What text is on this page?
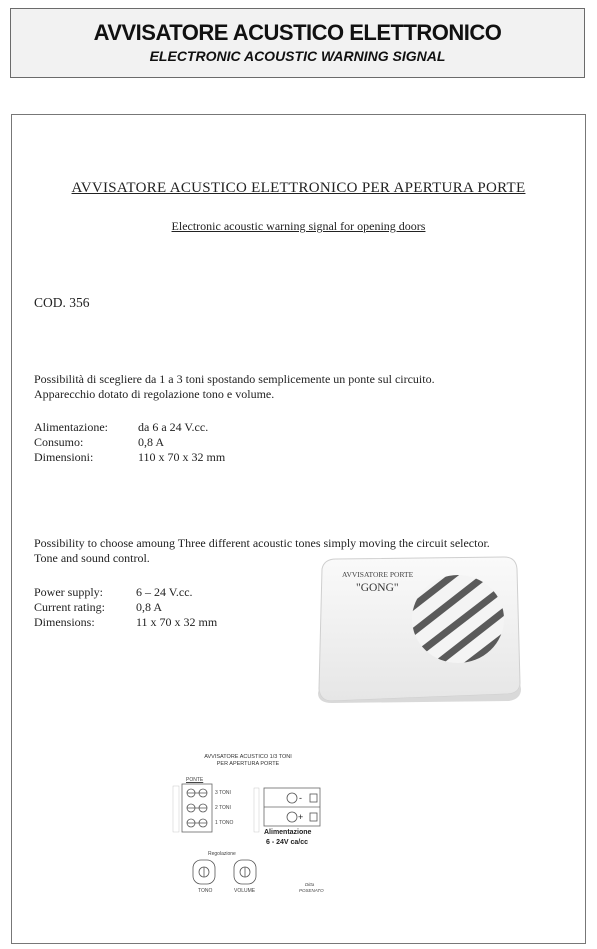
AVVISATORE ACUSTICO ELETTRONICO
ELECTRONIC ACOUSTIC WARNING SIGNAL
AVVISATORE ACUSTICO ELETTRONICO PER APERTURA PORTE
Electronic acoustic warning signal for opening doors
COD. 356
Possibilità di scegliere da 1 a 3 toni spostando semplicemente un ponte sul circuito.
Apparecchio dotato di regolazione tono e volume.
Alimentazione:	da 6 a 24 V.cc.
Consumo:	0,8 A
Dimensioni:	110 x 70 x 32 mm
Possibility to choose amoung Three different acoustic tones simply moving the circuit selector.
Tone and sound control.
Power supply:	6 – 24 V.cc.
Current rating:	0,8 A
Dimensions:	11 x 70 x 32 mm
AVVISATORE PORTE
"GONG"
AVVISATORE ACUSTICO 1/3 TONI
PER APERTURA PORTE
PONTE
-
+
3 TONI
2 TONI
1 TONO
Alimentazione
6 - 24V ca/cc
Regolazione
TONO	VOLUME
Ditta
POSENATO
